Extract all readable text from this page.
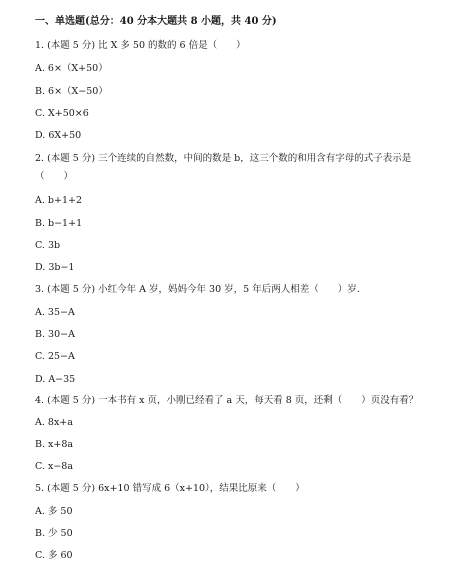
一、单选题(总分：40 分本大题共 8 小题，共 40 分)
1. (本题 5 分) 比 X 多 50 的数的 6 倍是（　　）
A. 6×（X+50）
B. 6×（X−50）
C. X+50×6
D. 6X+50
2. (本题 5 分) 三个连续的自然数，中间的数是 b，这三个数的和用含有字母的式子表示是
（　　）
A. b+1+2
B. b−1+1
C. 3b
D. 3b−1
3. (本题 5 分) 小红今年 A 岁，妈妈今年 30 岁，5 年后两人相差（　　）岁.
A. 35−A
B. 30−A
C. 25−A
D. A−35
4. (本题 5 分) 一本书有 x 页，小刚已经看了 a 天，每天看 8 页，还剩（　　）页没有看？
A. 8x+a
B. x+8a
C. x−8a
5. (本题 5 分) 6x+10 错写成 6（x+10），结果比原来（　　）
A. 多 50
B. 少 50
C. 多 60
